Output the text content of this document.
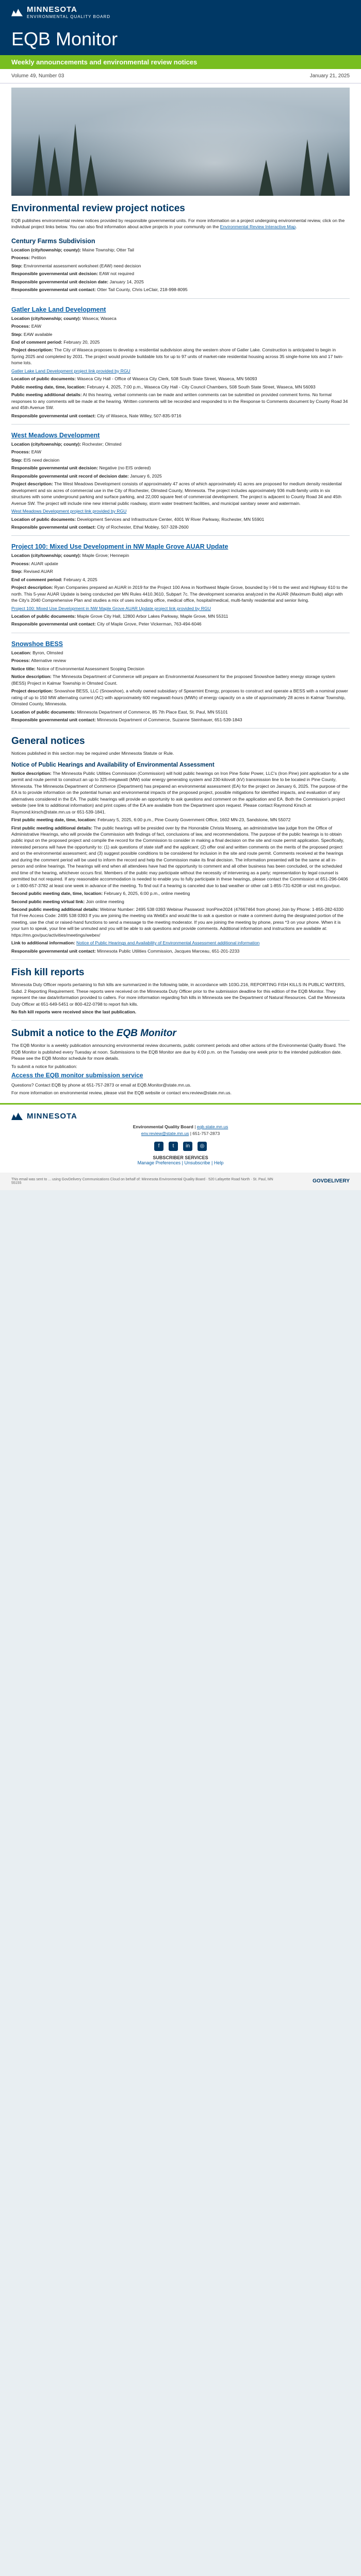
MINNESOTA
ENVIRONMENTAL QUALITY BOARD
EQB Monitor
Weekly announcements and environmental review notices
Volume 49, Number 03	January 21, 2025
Environmental review project notices

EQB publishes environmental review notices provided by responsible governmental units. For more information on a project undergoing environmental review, click on the individual project links below. You can also find information about active projects in your community on the Environmental Review Interactive Map.

Century Farms Subdivision

Location (city/township; county): Maine Township; Otter Tail

Process: Petition

Step: Environmental assessment worksheet (EAW) need decision

Responsible governmental unit decision: EAW not required

Responsible governmental unit decision date: January 14, 2025

Responsible governmental unit contact: Otter Tail County, Chris LeClair, 218-998-8095

Gatler Lake Land Development

Location (city/township; county): Waseca; Waseca

Process: EAW

Step: EAW available

End of comment period: February 20, 2025

Project description: The City of Waseca proposes to develop a residential subdivision along the western shore of Gatler Lake. Construction is anticipated to begin in Spring 2025 and completed by 2031. The project would provide buildable lots for up to 97 units of market-rate residential housing across 35 single-home lots and 17 twin-home lots.

Gatler Lake Land Development project link provided by RGU

Location of public documents: Waseca City Hall - Office of Waseca City Clerk, 508 South State Street, Waseca, MN 56093

Public meeting date, time, location: February 4, 2025, 7:00 p.m., Waseca City Hall - City Council Chambers, 508 South State Street, Waseca, MN 56093

Public meeting additional details: At this hearing, verbal comments can be made and written comments can be submitted on provided comment forms. No formal responses to any comments will be made at the hearing. Written comments will be recorded and responded to in the Response to Comments document by County Road 34 and 45th Avenue SW.

Responsible governmental unit contact: City of Waseca, Nate Willey, 507-835-9716

West Meadows Development

Location (city/township; county): Rochester; Olmsted

Process: EAW

Step: EIS need decision

Responsible governmental unit decision: Negative (no EIS ordered)

Responsible governmental unit record of decision date: January 6, 2025

Project description: The West Meadows Development consists of approximately 47 acres of which approximately 41 acres are proposed for medium density residential development and six acres of commercial use in the City of Rochester, Olmsted County, Minnesota. The project includes approximately 936 multi-family units in six structures with some underground parking and surface parking, and 22,000 square feet of commercial development. The project is adjacent to County Road 34 and 45th Avenue SW. The project will include nine new internal public roadway, storm water treatment facilities, and municipal sanitary sewer and watermain.

West Meadows Development project link provided by RGU

Location of public documents: Development Services and Infrastructure Center, 4001 W River Parkway, Rochester, MN 55901

Responsible governmental unit contact: City of Rochester, Ethal Mobley, 507-328-2600

Project 100: Mixed Use Development in NW Maple Grove AUAR Update

Location (city/township; county): Maple Grove; Hennepin

Process: AUAR update

Step: Revised AUAR

End of comment period: February 4, 2025

Project description: Ryan Companies prepared an AUAR in 2019 for the Project 100 Area in Northwest Maple Grove, bounded by I-94 to the west and Highway 610 to the north. This 5-year AUAR Update is being conducted per MN Rules 4410.3610, Subpart 7c. The development scenarios analyzed in the AUAR (Maximum Build) align with the City's 2040 Comprehensive Plan and studies a mix of uses including office, medical office, hospital/medical, multi-family residential and senior living.

Project 100: Mixed Use Development in NW Maple Grove AUAR Update project link provided by RGU

Location of public documents: Maple Grove City Hall, 12800 Arbor Lakes Parkway, Maple Grove, MN 55311

Responsible governmental unit contact: City of Maple Grove, Peter Vickerman, 763-494-6046

Snowshoe BESS

Location: Byron, Olmsted

Process: Alternative review

Notice title: Notice of Environmental Assessment Scoping Decision

Notice description: The Minnesota Department of Commerce will prepare an Environmental Assessment for the proposed Snowshoe battery energy storage system (BESS) Project in Kalmar Township in Olmsted Count.

Project description: Snowshoe BESS, LLC (Snowshoe), a wholly owned subsidiary of Spearmint Energy, proposes to construct and operate a BESS with a nominal power rating of up to 150 MW alternating current (AC) with approximately 600 megawatt-hours (MWh) of energy capacity on a site of approximately 28 acres in Kalmar Township, Olmsted County, Minnesota.

Location of public documents: Minnesota Department of Commerce, 85 7th Place East, St. Paul, MN 55101

Responsible governmental unit contact: Minnesota Department of Commerce, Suzanne Steinhauer, 651-539-1843

General notices

Notices published in this section may be required under Minnesota Statute or Rule.

Notice of Public Hearings and Availability of Environmental Assessment

Notice description: The Minnesota Public Utilities Commission (Commission) will hold public hearings on Iron Pine Solar Power, LLC's (Iron Pine) joint application for a site permit and route permit to construct an up to 325-megawatt (MW) solar energy generating system and 230-kilovolt (kV) transmission line to be located in Pine County, Minnesota. The Minnesota Department of Commerce (Department) has prepared an environmental assessment (EA) for the project on January 6, 2025. The purpose of the EA is to provide information on the potential human and environmental impacts of the proposed project, possible mitigations for identified impacts, and evaluation of any alternatives considered in the EA. The public hearings will provide an opportunity to ask questions and comment on the application and EA. Both the Commission's project website (see link to additional information) and print copies of the EA are available from the Department upon request. Please contact Raymond Kirsch at Raymond.kirsch@state.mn.us or 651-539-1841.

First public meeting date, time, location: February 5, 2025, 6:00 p.m., Pine County Government Office, 1602 MN-23, Sandstone, MN 55072

First public meeting additional details: The public hearings will be presided over by the Honorable Christa Moseng, an administrative law judge from the Office of Administrative Hearings, who will provide the Commission with findings of fact, conclusions of law, and recommendations. The purpose of the public hearings is to obtain public input on the proposed project and compile the record for the Commission to consider in making a final decision on the site and route permit application. Specifically, interested persons will have the opportunity to: (1) ask questions of state staff and the applicant; (2) offer oral and written comments on the merits of the proposed project and on the environmental assessment; and (3) suggest possible conditions to be considered for inclusion in the site and route permit. Comments received at the hearings and during the comment period will be used to inform the record and help the Commission make its final decision. The information presented will be the same at all in-person and online hearings. The hearings will end when all attendees have had the opportunity to comment and all other business has been concluded, or the scheduled end time of the hearing, whichever occurs first. Members of the public may participate without the necessity of intervening as a party; representation by legal counsel is permitted but not required. If any reasonable accommodation is needed to enable you to fully participate in these hearings, please contact the Commission at 651-296-0406 or 1-800-657-3782 at least one week in advance of the meeting. To find out if a hearing is canceled due to bad weather or other call 1-855-731-6208 or visit mn.gov/puc.

Second public meeting date, time, location: February 6, 2025, 6:00 p.m., online meeting

Second public meeting virtual link: Join online meeting

Second public meeting additional details: Webinar Number: 2495 538 0393 Webinar Password: IronPine2024 (47667464 from phone) Join by Phone: 1-855-282-6330 Toll Free Access Code: 2495 538 0393 If you are joining the meeting via WebEx and would like to ask a question or make a comment during the designated portion of the meeting, use the chat or raised-hand functions to send a message to the meeting moderator. If you are joining the meeting by phone, press *3 on your phone. When it is your turn to speak, your line will be unmuted and you will be able to ask questions and provide comments. Additional information and instructions are available at: https://mn.gov/puc/activities/meetings/webex/

Link to additional information: Notice of Public Hearings and Availability of Environmental Assessment additional information

Responsible governmental unit contact: Minnesota Public Utilities Commission, Jacques Marceau, 651-201-2233

Fish kill reports

Minnesota Duty Officer reports pertaining to fish kills are summarized in the following table, in accordance with 103G.216, REPORTING FISH KILLS IN PUBLIC WATERS, Subd. 2 Reporting Requirement. These reports were received on the Minnesota Duty Officer prior to the submission deadline for this edition of the EQB Monitor. They represent the raw data/information provided to callers. For more information regarding fish kills in Minnesota see the Department of Natural Resources. Call the Minnesota Duty Officer at 651-649-5451 or 800-422-0798 to report fish kills.

No fish kill reports were received since the last publication.

Submit a notice to the EQB Monitor

The EQB Monitor is a weekly publication announcing environmental review documents, public comment periods and other actions of the Environmental Quality Board. The EQB Monitor is published every Tuesday at noon. Submissions to the EQB Monitor are due by 4:00 p.m. on the Tuesday one week prior to the intended publication date. Please see the EQB Monitor schedule for more details.

To submit a notice for publication:

Access the EQB monitor submission service

Questions? Contact EQB by phone at 651-757-2873 or email at EQB.Monitor@state.mn.us.

For more information on environmental review, please visit the EQB website or contact env.review@state.mn.us.

MINNESOTA
Environmental Quality Board | eqb.state.mn.us
env.review@state.mn.us | 651-757-2873
f	t	in	◎
SUBSCRIBER SERVICES
Manage Preferences | Unsubscribe | Help
This email was sent to ... using GovDelivery Communications Cloud on behalf of: Minnesota Environmental Quality Board · 520 Lafayette Road North · St. Paul, MN 55155	GOVDELIVERY
